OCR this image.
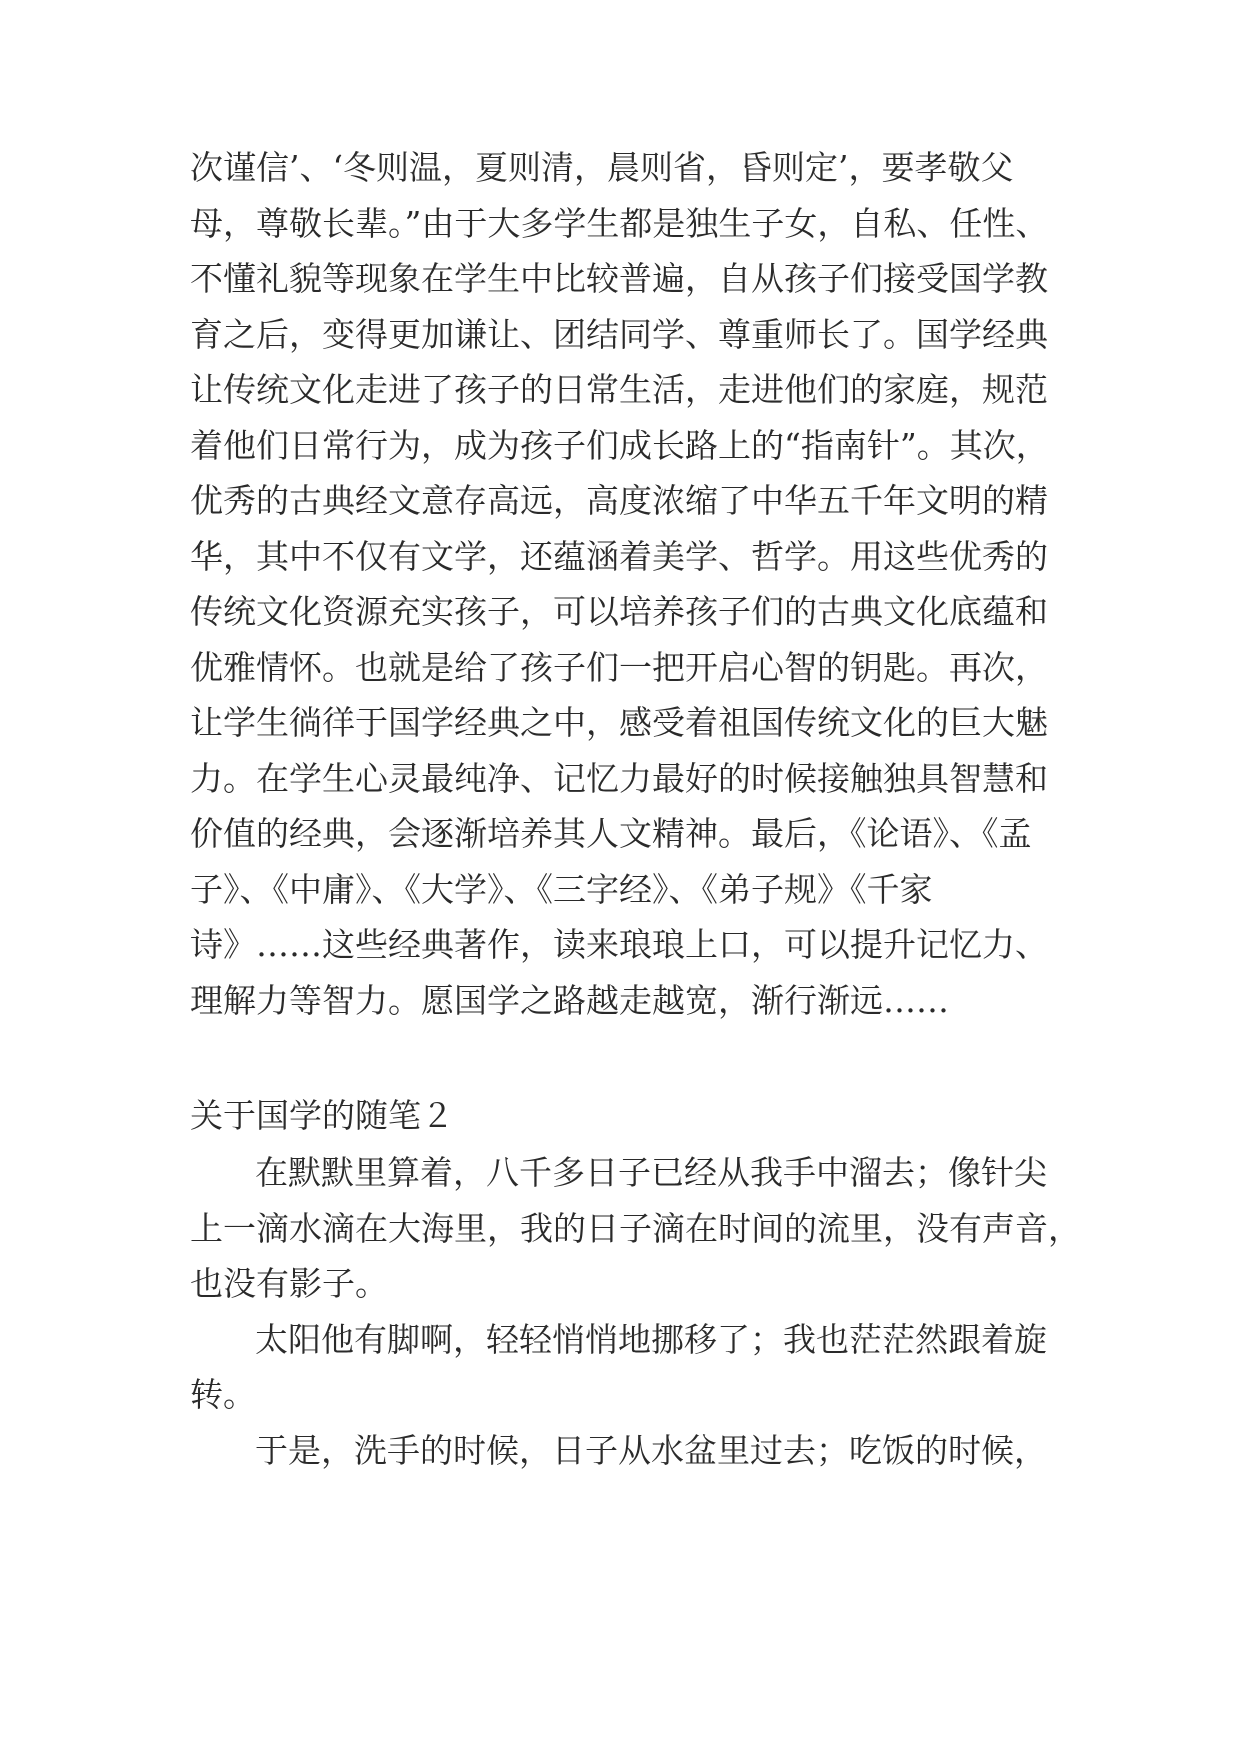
次谨信’、‘冬则温，夏则清，晨则省，昏则定’，要孝敬父
母，尊敬长辈。”由于大多学生都是独生子女，自私、任性、
不懂礼貌等现象在学生中比较普遍，自从孩子们接受国学教
育之后，变得更加谦让、团结同学、尊重师长了。国学经典
让传统文化走进了孩子的日常生活，走进他们的家庭，规范
着他们日常行为，成为孩子们成长路上的“指南针”。其次，
优秀的古典经文意存高远，高度浓缩了中华五千年文明的精
华，其中不仅有文学，还蕴涵着美学、哲学。用这些优秀的
传统文化资源充实孩子，可以培养孩子们的古典文化底蕴和
优雅情怀。也就是给了孩子们一把开启心智的钥匙。再次，
让学生徜徉于国学经典之中，感受着祖国传统文化的巨大魅
力。在学生心灵最纯净、记忆力最好的时候接触独具智慧和
价值的经典，会逐渐培养其人文精神。最后，《论语》、《孟
子》、《中庸》、《大学》、《三字经》、《弟子规》《千家
诗》……这些经典著作，读来琅琅上口，可以提升记忆力、
理解力等智力。愿国学之路越走越宽，渐行渐远……
关于国学的随笔２
在默默里算着，八千多日子已经从我手中溜去；像针尖
上一滴水滴在大海里，我的日子滴在时间的流里，没有声音，
也没有影子。
太阳他有脚啊，轻轻悄悄地挪移了；我也茫茫然跟着旋
转。
于是，洗手的时候，日子从水盆里过去；吃饭的时候，
